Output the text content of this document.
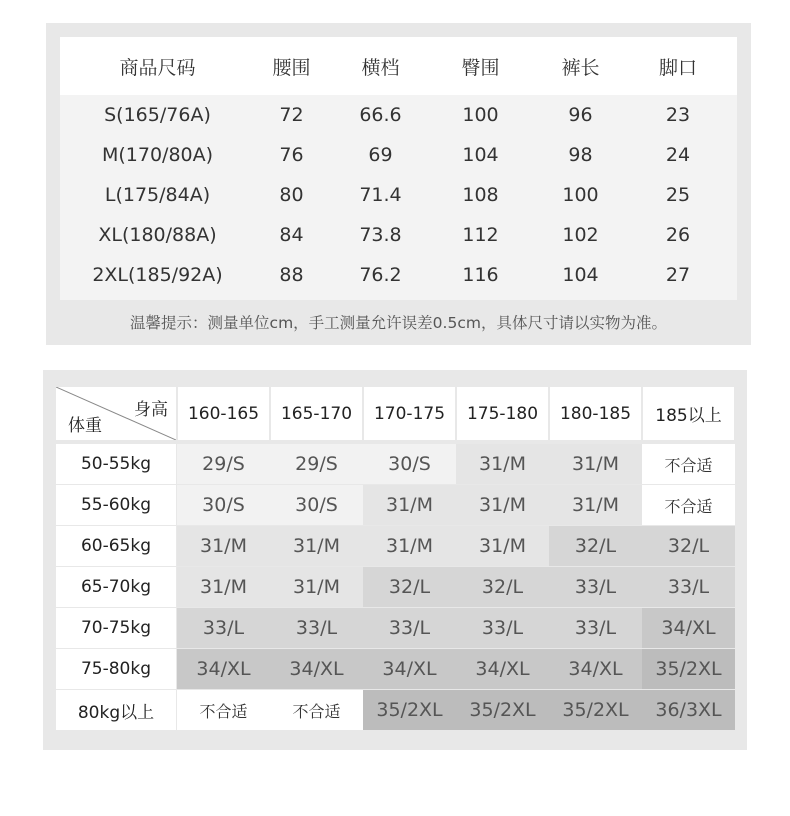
商品尺码	腰围	横档	臀围	裤长	脚口
S(165/76A)	72	66.6	100	96	23
M(170/80A)	76	69	104	98	24
L(175/84A)	80	71.4	108	100	25
XL(180/88A)	84	73.8	112	102	26
2XL(185/92A)	88	76.2	116	104	27
温馨提示：测量单位cm，手工测量允许误差0.5cm，具体尺寸请以实物为准。
身高
体重
160-165	165-170	170-175	175-180	180-185	185以上
50-55kg	29/S	29/S	30/S	31/M	31/M	不合适
55-60kg	30/S	30/S	31/M	31/M	31/M	不合适
60-65kg	31/M	31/M	31/M	31/M	32/L	32/L
65-70kg	31/M	31/M	32/L	32/L	33/L	33/L
70-75kg	33/L	33/L	33/L	33/L	33/L	34/XL
75-80kg	34/XL	34/XL	34/XL	34/XL	34/XL	35/2XL
80kg以上	不合适	不合适	35/2XL	35/2XL	35/2XL	36/3XL
